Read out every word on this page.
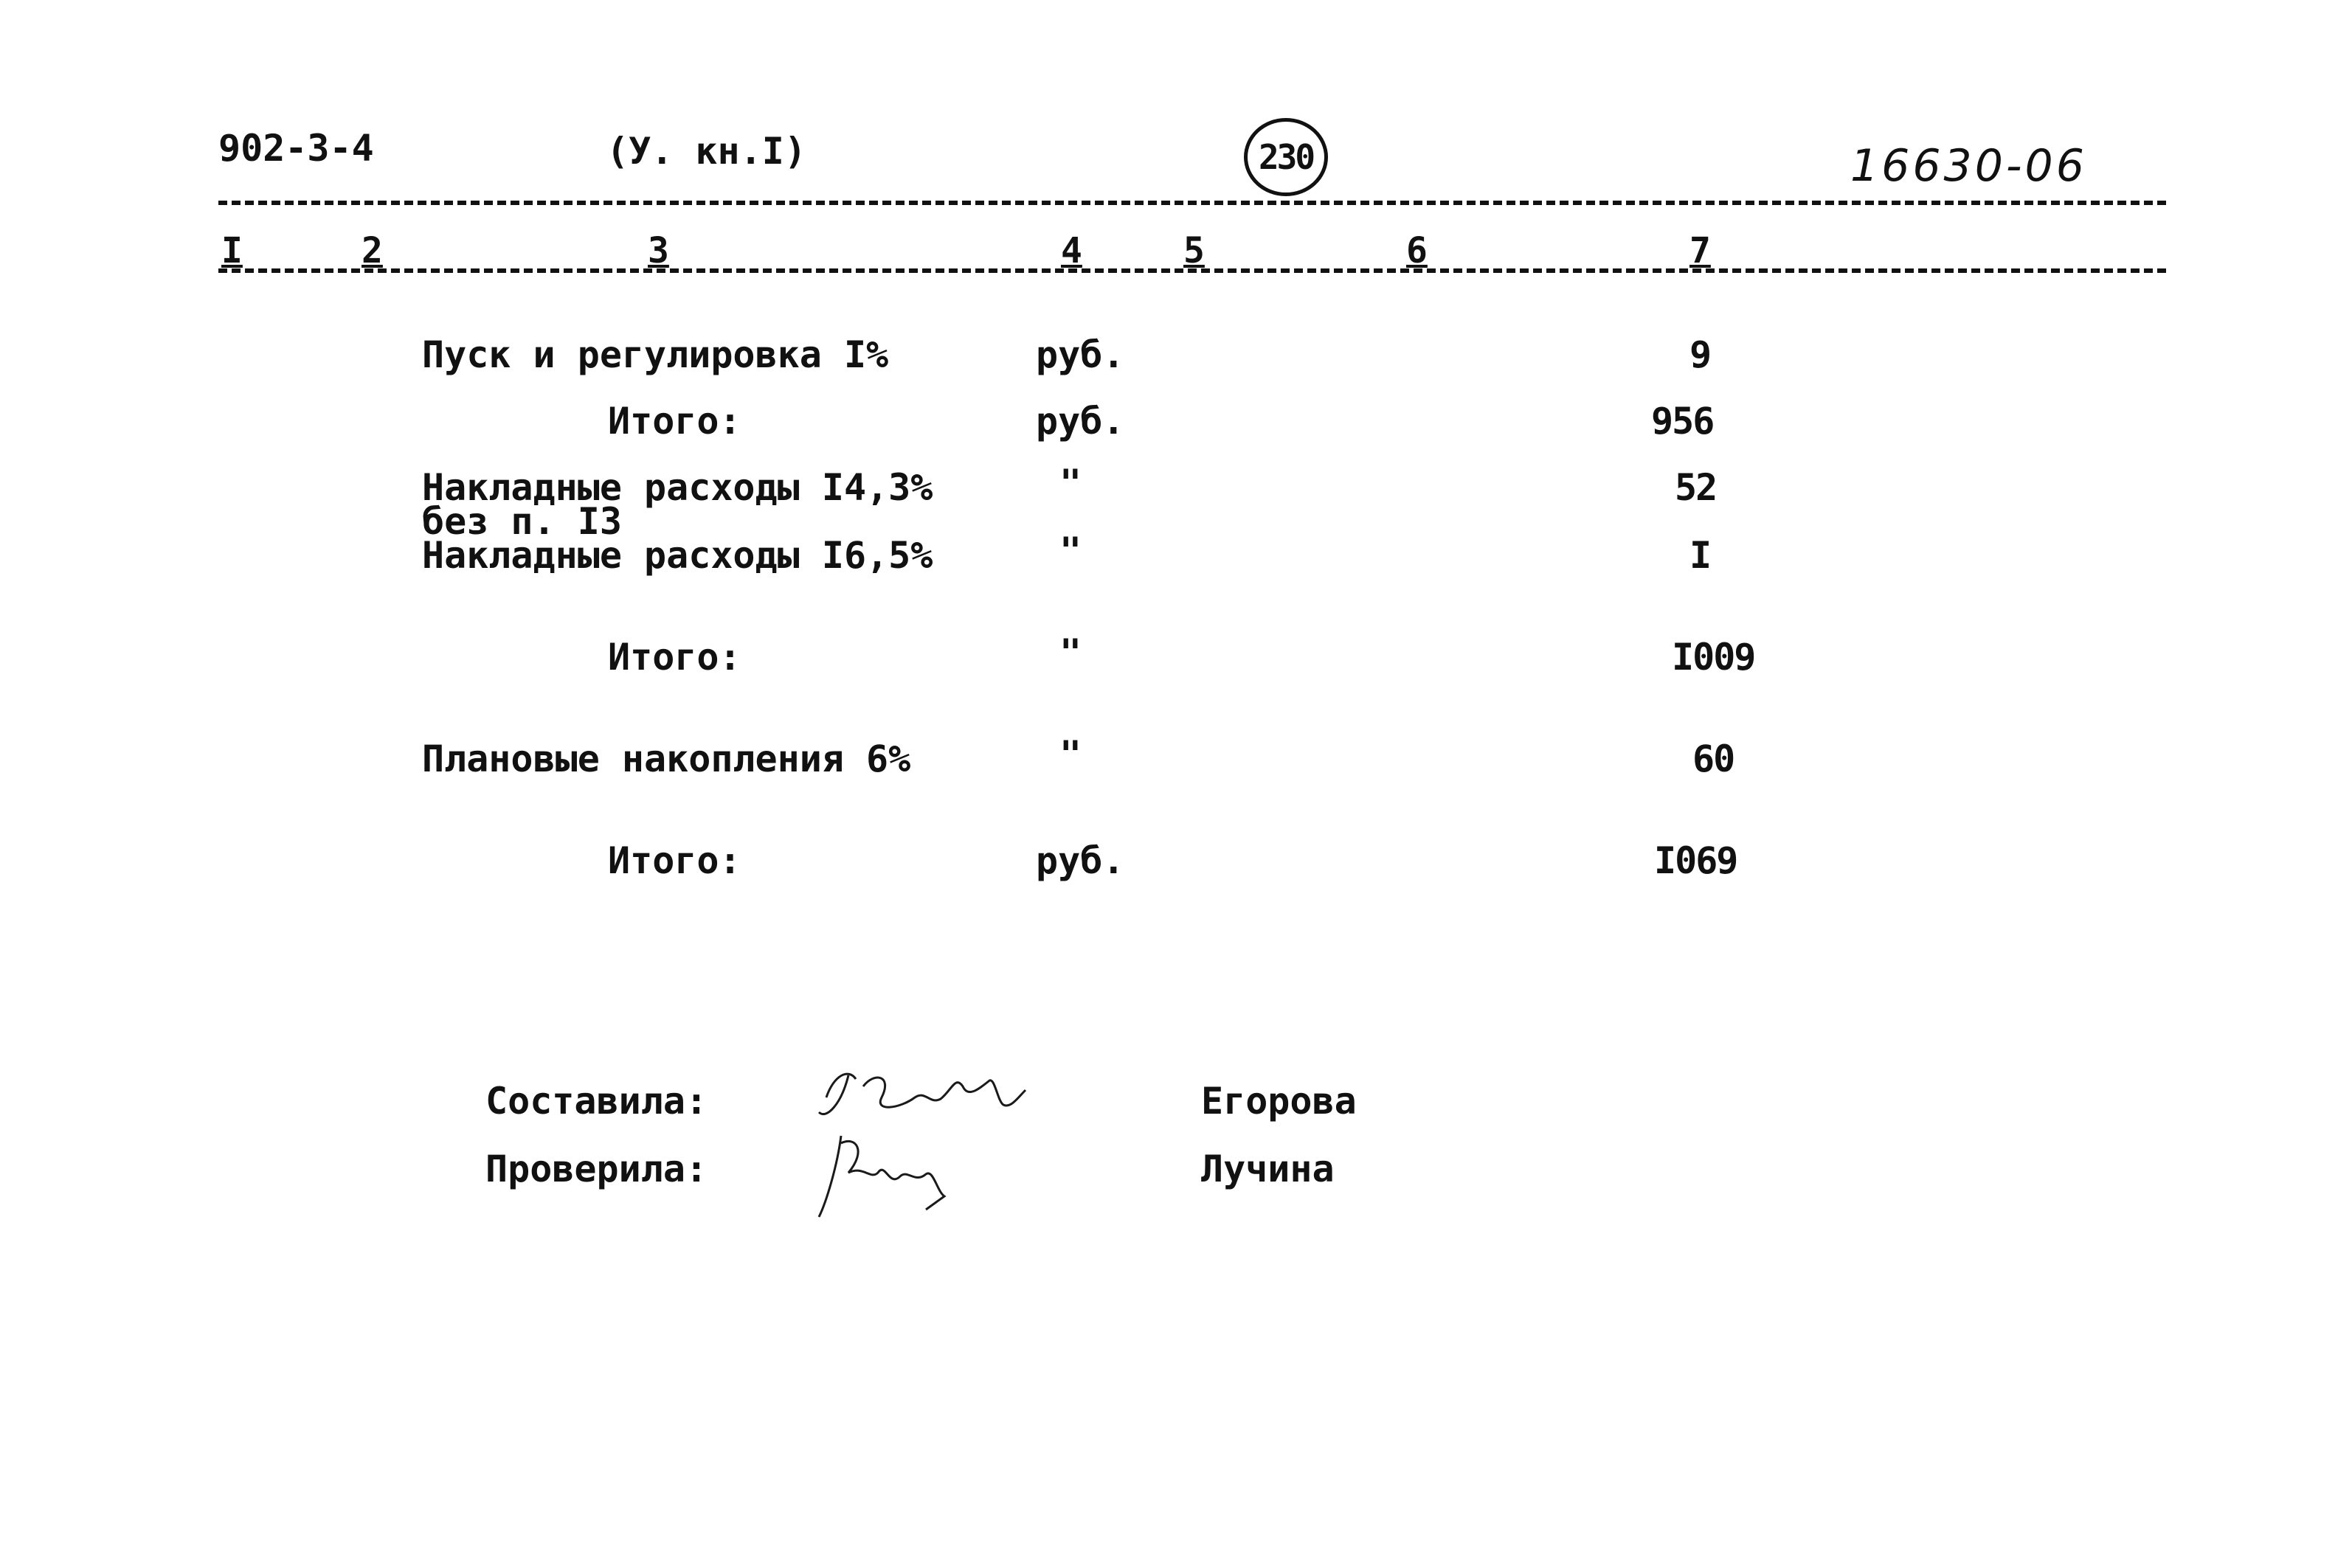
902-3-4	(У. кн.I)	230	16630-06
I	2	3	4	5	6	7
Пуск и регулировка I%	руб.	9
Итого:	руб.	956
Накладные расходы I4,3%	"	52
без п. I3
Накладные расходы I6,5%	"	I
Итого:	"	I009
Плановые накопления 6%	"	60
Итого:	руб.	I069
Составила:	Егорова
Проверила:	Лучина
